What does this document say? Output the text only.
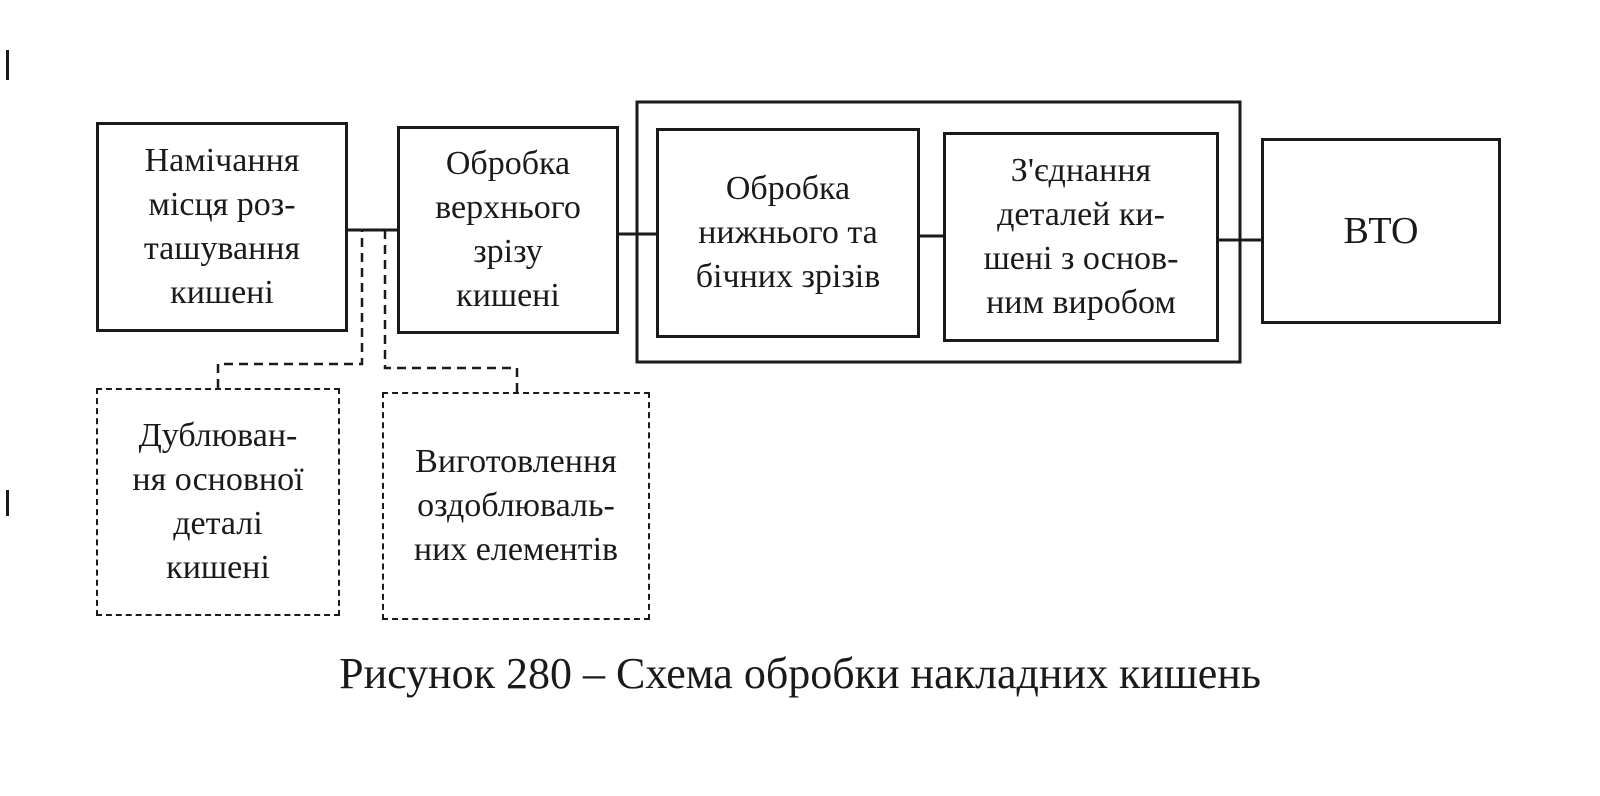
Намічання
місця роз-
ташування
кишені
Обробка
верхнього
зрізу
кишені
Обробка
нижнього та
бічних зрізів
З'єднання
деталей ки-
шені з основ-
ним виробом
ВТО
Дублюван-
ня основної
деталі
кишені
Виготовлення
оздоблюваль-
них елементів
Рисунок 280 – Схема обробки накладних кишень
